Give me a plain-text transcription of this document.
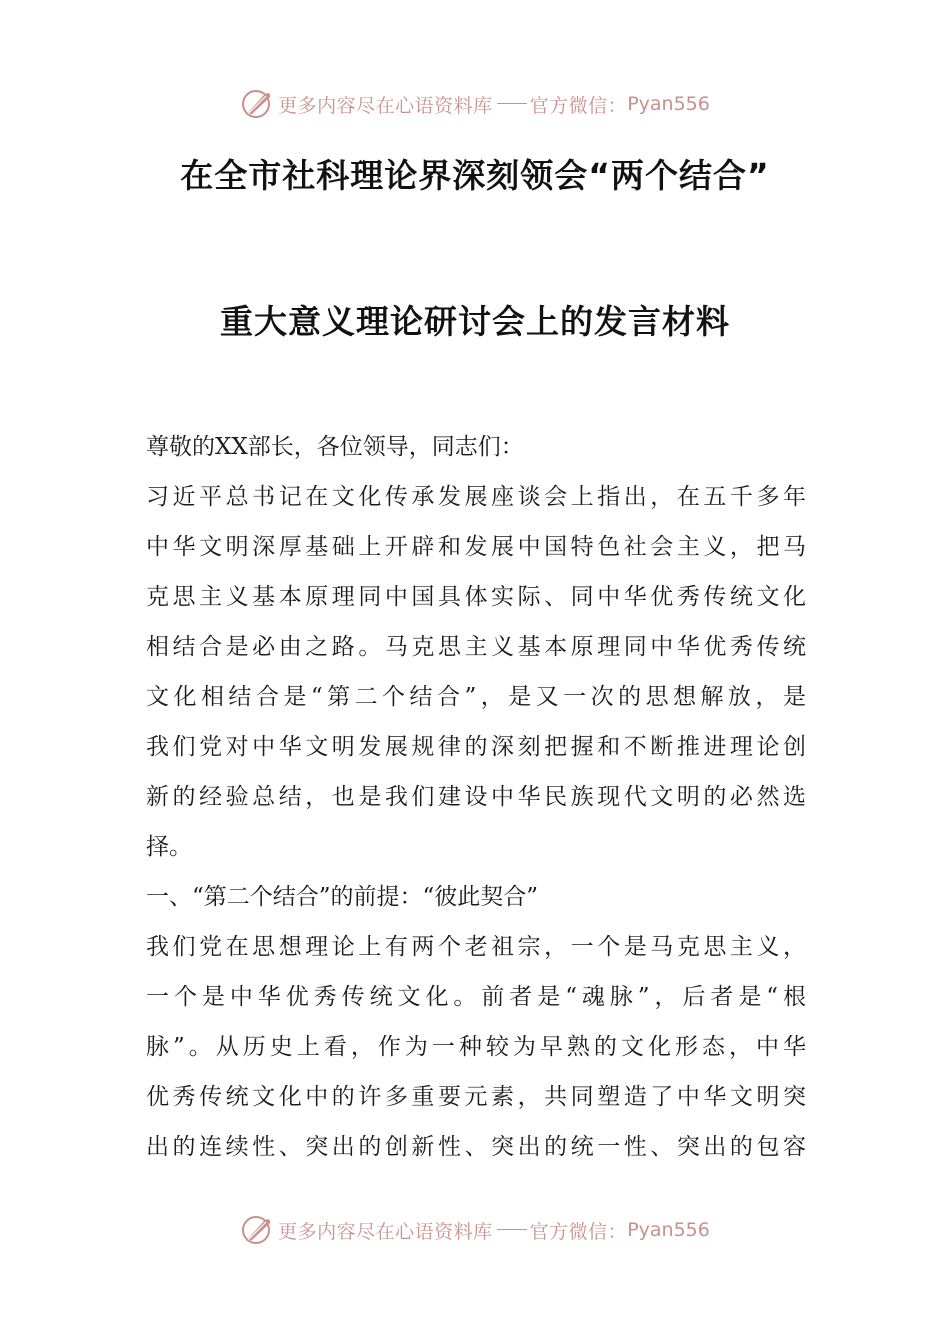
更多内容尽在心语资料库 官方微信： Pyan556
在全市社科理论界深刻领会“两个结合”
重大意义理论研讨会上的发言材料
尊敬的XX部长，各位领导，同志们：
习近平总书记在文化传承发展座谈会上指出，在五千多年
中华文明深厚基础上开辟和发展中国特色社会主义，把马
克思主义基本原理同中国具体实际、同中华优秀传统文化
相结合是必由之路。马克思主义基本原理同中华优秀传统
文化相结合是“第二个结合”，是又一次的思想解放，是
我们党对中华文明发展规律的深刻把握和不断推进理论创
新的经验总结，也是我们建设中华民族现代文明的必然选
择。
一、“第二个结合”的前提：“彼此契合”
我们党在思想理论上有两个老祖宗，一个是马克思主义，
一个是中华优秀传统文化。前者是“魂脉”，后者是“根
脉”。从历史上看，作为一种较为早熟的文化形态，中华
优秀传统文化中的许多重要元素，共同塑造了中华文明突
出的连续性、突出的创新性、突出的统一性、突出的包容
更多内容尽在心语资料库 官方微信： Pyan556
